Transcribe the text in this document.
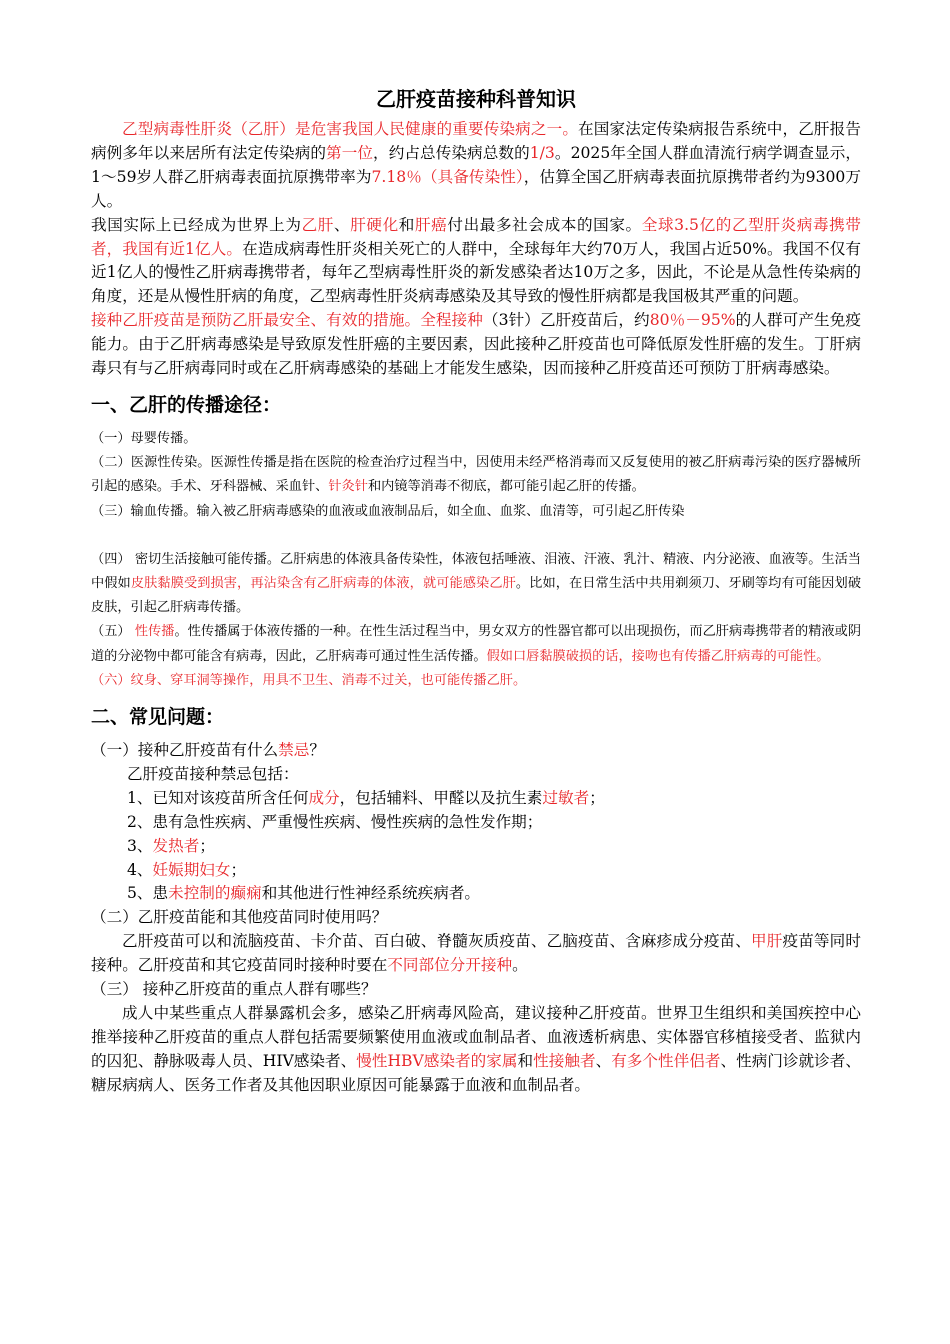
乙肝疫苗接种科普知识

乙型病毒性肝炎（乙肝）是危害我国人民健康的重要传染病之一。在国家法定传染病报告系统中，乙肝报告病例多年以来居所有法定传染病的第一位，约占总传染病总数的1/3。2025年全国人群血清流行病学调查显示，1～59岁人群乙肝病毒表面抗原携带率为7.18％（具备传染性），估算全国乙肝病毒表面抗原携带者约为9300万人。

我国实际上已经成为世界上为乙肝、肝硬化和肝癌付出最多社会成本的国家。全球3.5亿的乙型肝炎病毒携带者，我国有近1亿人。在造成病毒性肝炎相关死亡的人群中，全球每年大约70万人，我国占近50%。我国不仅有近1亿人的慢性乙肝病毒携带者，每年乙型病毒性肝炎的新发感染者达10万之多，因此，不论是从急性传染病的角度，还是从慢性肝病的角度，乙型病毒性肝炎病毒感染及其导致的慢性肝病都是我国极其严重的问题。

接种乙肝疫苗是预防乙肝最安全、有效的措施。全程接种（3针）乙肝疫苗后，约80％－95%的人群可产生免疫能力。由于乙肝病毒感染是导致原发性肝癌的主要因素，因此接种乙肝疫苗也可降低原发性肝癌的发生。丁肝病毒只有与乙肝病毒同时或在乙肝病毒感染的基础上才能发生感染，因而接种乙肝疫苗还可预防丁肝病毒感染。

一、乙肝的传播途径：

（一）母婴传播。

（二）医源性传染。医源性传播是指在医院的检查治疗过程当中，因使用未经严格消毒而又反复使用的被乙肝病毒污染的医疗器械所引起的感染。手术、牙科器械、采血针、针灸针和内镜等消毒不彻底，都可能引起乙肝的传播。

（三）输血传播。输入被乙肝病毒感染的血液或血液制品后，如全血、血浆、血清等，可引起乙肝传染

（四） 密切生活接触可能传播。乙肝病患的体液具备传染性，体液包括唾液、泪液、汗液、乳汁、精液、内分泌液、血液等。生活当中假如皮肤黏膜受到损害，再沾染含有乙肝病毒的体液，就可能感染乙肝。比如，在日常生活中共用剃须刀、牙刷等均有可能因划破皮肤，引起乙肝病毒传播。

（五） 性传播。性传播属于体液传播的一种。在性生活过程当中，男女双方的性器官都可以出现损伤，而乙肝病毒携带者的精液或阴道的分泌物中都可能含有病毒，因此，乙肝病毒可通过性生活传播。假如口唇黏膜破损的话，接吻也有传播乙肝病毒的可能性。

（六）纹身、穿耳洞等操作，用具不卫生、消毒不过关，也可能传播乙肝。

二、常见问题：

（一）接种乙肝疫苗有什么禁忌？

乙肝疫苗接种禁忌包括：

1、已知对该疫苗所含任何成分，包括辅料、甲醛以及抗生素过敏者；

2、患有急性疾病、严重慢性疾病、慢性疾病的急性发作期；

3、发热者；

4、妊娠期妇女；

5、患未控制的癫痫和其他进行性神经系统疾病者。

（二）乙肝疫苗能和其他疫苗同时使用吗？

乙肝疫苗可以和流脑疫苗、卡介苗、百白破、脊髓灰质疫苗、乙脑疫苗、含麻疹成分疫苗、甲肝疫苗等同时接种。乙肝疫苗和其它疫苗同时接种时要在不同部位分开接种。

（三） 接种乙肝疫苗的重点人群有哪些？

成人中某些重点人群暴露机会多，感染乙肝病毒风险高，建议接种乙肝疫苗。世界卫生组织和美国疾控中心推举接种乙肝疫苗的重点人群包括需要频繁使用血液或血制品者、血液透析病患、实体器官移植接受者、监狱内的囚犯、静脉吸毒人员、HIV感染者、慢性HBV感染者的家属和性接触者、有多个性伴侣者、性病门诊就诊者、糖尿病病人、医务工作者及其他因职业原因可能暴露于血液和血制品者。
